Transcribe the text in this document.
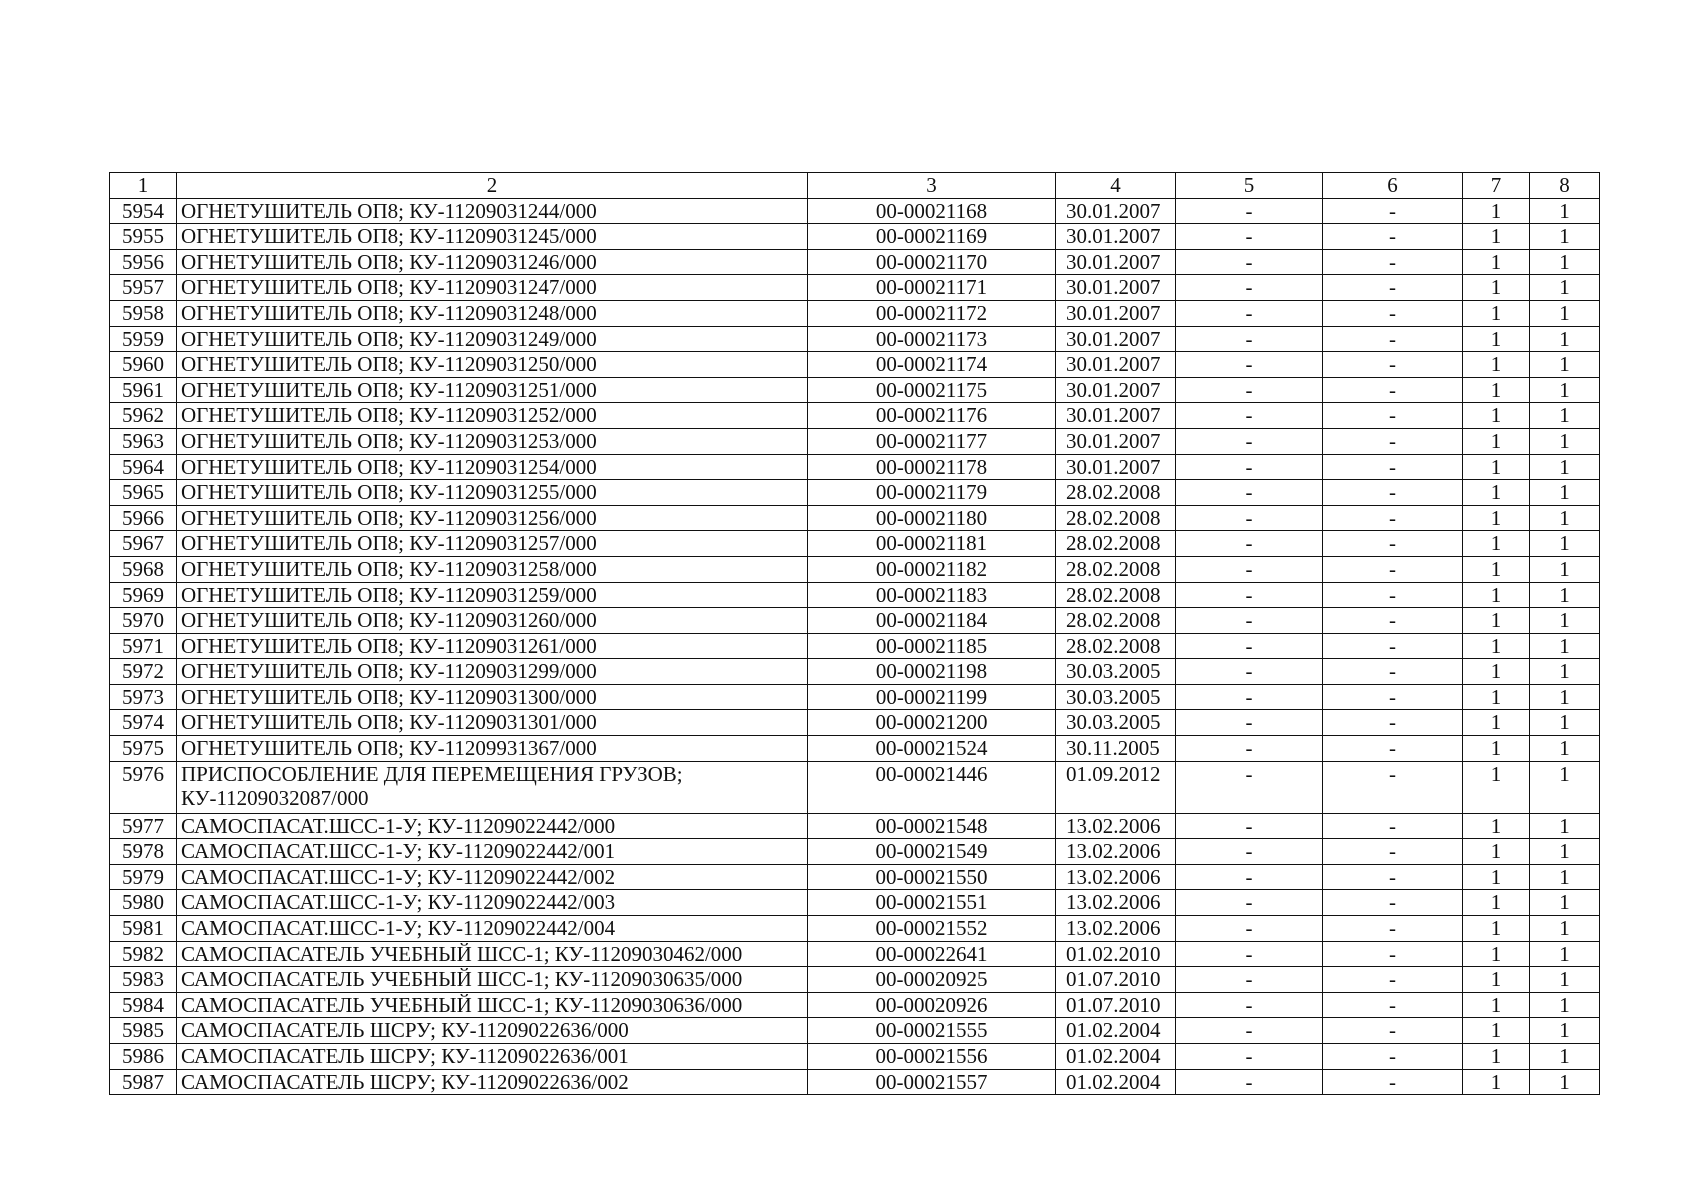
1	2	3	4	5	6	7	8
5954	ОГНЕТУШИТЕЛЬ ОП8; КУ-11209031244/000	00-00021168	30.01.2007	-	-	1	1
5955	ОГНЕТУШИТЕЛЬ ОП8; КУ-11209031245/000	00-00021169	30.01.2007	-	-	1	1
5956	ОГНЕТУШИТЕЛЬ ОП8; КУ-11209031246/000	00-00021170	30.01.2007	-	-	1	1
5957	ОГНЕТУШИТЕЛЬ ОП8; КУ-11209031247/000	00-00021171	30.01.2007	-	-	1	1
5958	ОГНЕТУШИТЕЛЬ ОП8; КУ-11209031248/000	00-00021172	30.01.2007	-	-	1	1
5959	ОГНЕТУШИТЕЛЬ ОП8; КУ-11209031249/000	00-00021173	30.01.2007	-	-	1	1
5960	ОГНЕТУШИТЕЛЬ ОП8; КУ-11209031250/000	00-00021174	30.01.2007	-	-	1	1
5961	ОГНЕТУШИТЕЛЬ ОП8; КУ-11209031251/000	00-00021175	30.01.2007	-	-	1	1
5962	ОГНЕТУШИТЕЛЬ ОП8; КУ-11209031252/000	00-00021176	30.01.2007	-	-	1	1
5963	ОГНЕТУШИТЕЛЬ ОП8; КУ-11209031253/000	00-00021177	30.01.2007	-	-	1	1
5964	ОГНЕТУШИТЕЛЬ ОП8; КУ-11209031254/000	00-00021178	30.01.2007	-	-	1	1
5965	ОГНЕТУШИТЕЛЬ ОП8; КУ-11209031255/000	00-00021179	28.02.2008	-	-	1	1
5966	ОГНЕТУШИТЕЛЬ ОП8; КУ-11209031256/000	00-00021180	28.02.2008	-	-	1	1
5967	ОГНЕТУШИТЕЛЬ ОП8; КУ-11209031257/000	00-00021181	28.02.2008	-	-	1	1
5968	ОГНЕТУШИТЕЛЬ ОП8; КУ-11209031258/000	00-00021182	28.02.2008	-	-	1	1
5969	ОГНЕТУШИТЕЛЬ ОП8; КУ-11209031259/000	00-00021183	28.02.2008	-	-	1	1
5970	ОГНЕТУШИТЕЛЬ ОП8; КУ-11209031260/000	00-00021184	28.02.2008	-	-	1	1
5971	ОГНЕТУШИТЕЛЬ ОП8; КУ-11209031261/000	00-00021185	28.02.2008	-	-	1	1
5972	ОГНЕТУШИТЕЛЬ ОП8; КУ-11209031299/000	00-00021198	30.03.2005	-	-	1	1
5973	ОГНЕТУШИТЕЛЬ ОП8; КУ-11209031300/000	00-00021199	30.03.2005	-	-	1	1
5974	ОГНЕТУШИТЕЛЬ ОП8; КУ-11209031301/000	00-00021200	30.03.2005	-	-	1	1
5975	ОГНЕТУШИТЕЛЬ ОП8; КУ-11209931367/000	00-00021524	30.11.2005	-	-	1	1
5976	ПРИСПОСОБЛЕНИЕ ДЛЯ ПЕРЕМЕЩЕНИЯ ГРУЗОВ; КУ-11209032087/000	00-00021446	01.09.2012	-	-	1	1
5977	САМОСПАСАТ.ШСС-1-У; КУ-11209022442/000	00-00021548	13.02.2006	-	-	1	1
5978	САМОСПАСАТ.ШСС-1-У; КУ-11209022442/001	00-00021549	13.02.2006	-	-	1	1
5979	САМОСПАСАТ.ШСС-1-У; КУ-11209022442/002	00-00021550	13.02.2006	-	-	1	1
5980	САМОСПАСАТ.ШСС-1-У; КУ-11209022442/003	00-00021551	13.02.2006	-	-	1	1
5981	САМОСПАСАТ.ШСС-1-У; КУ-11209022442/004	00-00021552	13.02.2006	-	-	1	1
5982	САМОСПАСАТЕЛЬ УЧЕБНЫЙ ШСС-1; КУ-11209030462/000	00-00022641	01.02.2010	-	-	1	1
5983	САМОСПАСАТЕЛЬ УЧЕБНЫЙ ШСС-1; КУ-11209030635/000	00-00020925	01.07.2010	-	-	1	1
5984	САМОСПАСАТЕЛЬ УЧЕБНЫЙ ШСС-1; КУ-11209030636/000	00-00020926	01.07.2010	-	-	1	1
5985	САМОСПАСАТЕЛЬ ШСРУ; КУ-11209022636/000	00-00021555	01.02.2004	-	-	1	1
5986	САМОСПАСАТЕЛЬ ШСРУ; КУ-11209022636/001	00-00021556	01.02.2004	-	-	1	1
5987	САМОСПАСАТЕЛЬ ШСРУ; КУ-11209022636/002	00-00021557	01.02.2004	-	-	1	1
